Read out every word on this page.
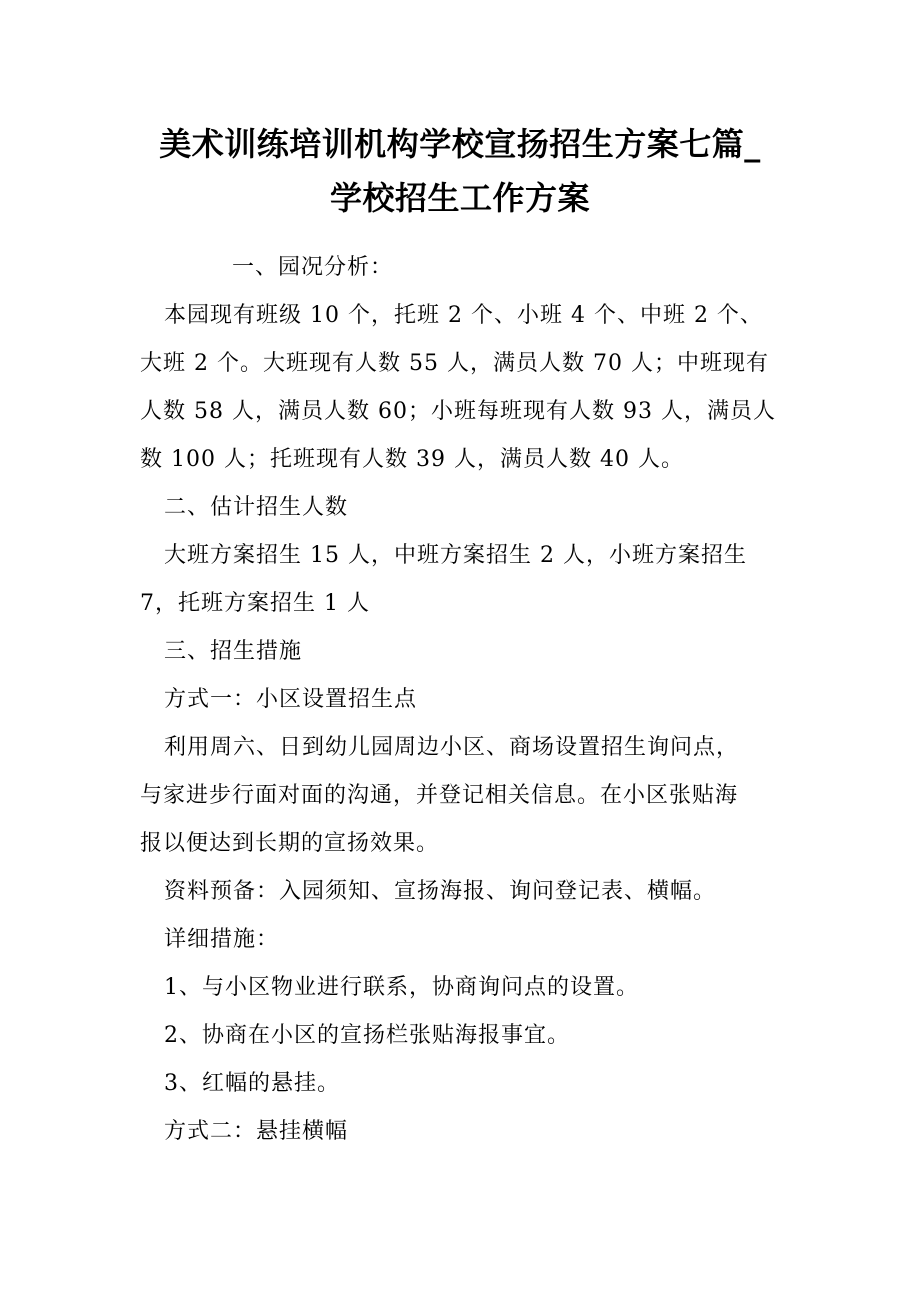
美术训练培训机构学校宣扬招生方案七篇_
学校招生工作方案
一、园况分析：
本园现有班级 10 个，托班 2 个、小班 4 个、中班 2 个、
大班 2 个。大班现有人数 55 人，满员人数 70 人；中班现有
人数 58 人，满员人数 60；小班每班现有人数 93 人，满员人
数 100 人；托班现有人数 39 人，满员人数 40 人。
二、估计招生人数
大班方案招生 15 人，中班方案招生 2 人，小班方案招生
7，托班方案招生 1 人
三、招生措施
方式一：小区设置招生点
利用周六、日到幼儿园周边小区、商场设置招生询问点，
与家进步行面对面的沟通，并登记相关信息。在小区张贴海
报以便达到长期的宣扬效果。
资料预备：入园须知、宣扬海报、询问登记表、横幅。
详细措施：
1、与小区物业进行联系，协商询问点的设置。
2、协商在小区的宣扬栏张贴海报事宜。
3、红幅的悬挂。
方式二：悬挂横幅
